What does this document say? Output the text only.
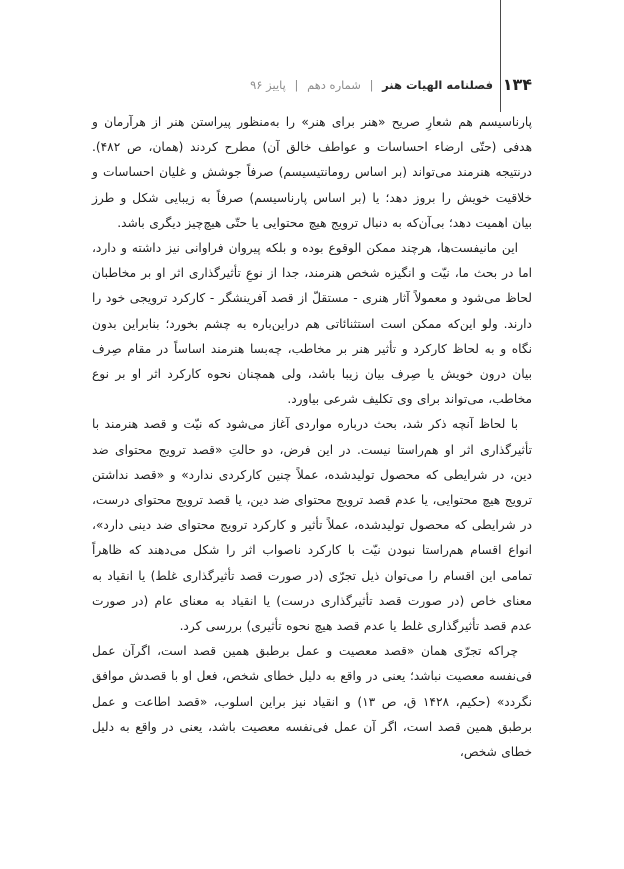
۱۳۴ فصلنامه الهیات هنر | شماره دهم | پاییز ۹۶

پارناسیسم هم شعارِ صریح «هنر برای هنر» را به‌منظور پیراستن هنر از هرآرمان و هدفی (حتّی ارضاء احساسات و عواطف خالق آن) مطرح کردند (همان، ص ۴۸۲). درنتیجه هنرمند می‌تواند (بر اساس رومانتیسیسم) صرفاً جوشش و غلیان احساسات و خلاقیت خویش را بروز دهد؛ یا (بر اساس پارناسیسم) صرفاً به زیبایی شکل و طرز بیان اهمیت دهد؛ بی‌آن‌که به دنبال ترویج هیچ محتوایی یا حتّی هیچ‌چیز دیگری باشد.

این مانیفست‌ها، هرچند ممکن الوقوع بوده و بلکه پیروان فراوانی نیز داشته و دارد، اما در بحث ما، نیّت و انگیزه شخص هنرمند، جدا از نوعِ تأثیرگذاری اثر او بر مخاطبان لحاظ می‌شود و معمولاً آثار هنری - مستقلّ از قصد آفرینشگر - کارکرد ترویجی خود را دارند. ولو این‌که ممکن است استثنائاتی هم دراین‌باره به چشم بخورد؛ بنابراین بدون نگاه و به لحاظ کارکرد و تأثیر هنر بر مخاطب، چه‌بسا هنرمند اساساً در مقام صِرف بیان درون خویش یا صِرف بیان زیبا باشد، ولی همچنان نحوه کارکرد اثر او بر نوع مخاطب، می‌تواند برای وی تکلیف شرعی بیاورد.

با لحاظ آنچه ذکر شد، بحث درباره مواردی آغاز می‌شود که نیّت و قصد هنرمند با تأثیرگذاری اثر او هم‌راستا نیست. در این فرض، دو حالتِ «قصد ترویج محتوای ضد دین، در شرایطی که محصول تولیدشده، عملاً چنین کارکردی ندارد» و «قصد نداشتن ترویج هیچ محتوایی، یا عدم قصد ترویج محتوای ضد دین، یا قصد ترویج محتوای درست، در شرایطی که محصول تولیدشده، عملاً تأثیر و کارکرد ترویج محتوای ضد دینی دارد»، انواع اقسام هم‌راستا نبودن نیّت با کارکرد ناصواب اثر را شکل می‌دهند که ظاهراً تمامی این اقسام را می‌توان ذیل تجرّی (در صورت قصد تأثیرگذاری غلط) یا انقیاد به معنای خاص (در صورت قصد تأثیرگذاری درست) یا انقیاد به معنای عام (در صورت عدم قصد تأثیرگذاری غلط یا عدم قصد هیچ نحوه تأثیری) بررسی کرد.

چراکه تجرّی همان «قصد معصیت و عمل برطبق همین قصد است، اگرآن عمل فی‌نفسه معصیت نباشد؛ یعنی در واقع به دلیل خطای شخص، فعل او با قصدش موافق نگردد» (حکیم، ۱۴۲۸ ق، ص ۱۳) و انقیاد نیز براین اسلوب، «قصد اطاعت و عمل برطبق همین قصد است، اگر آن عمل فی‌نفسه معصیت باشد، یعنی در واقع به دلیل خطای شخص،
